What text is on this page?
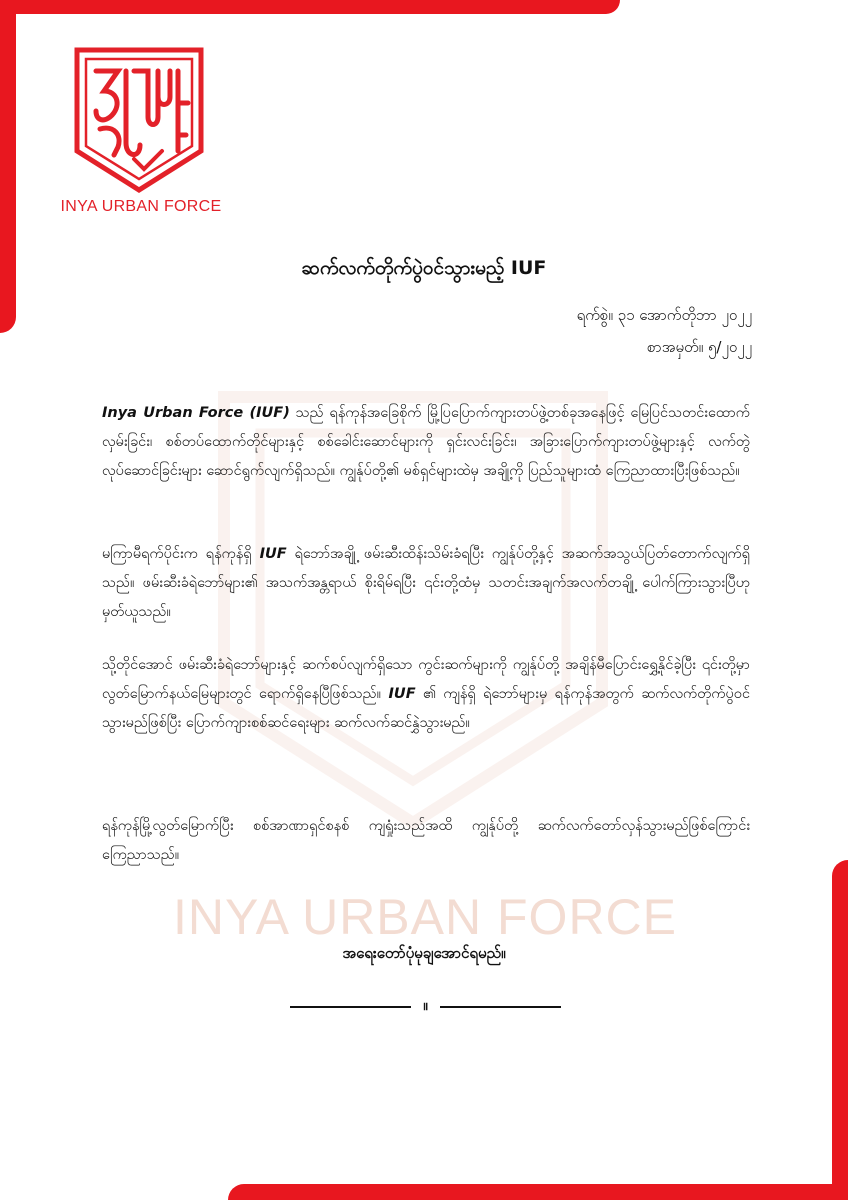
INYA URBAN FORCE
INYA URBAN FORCE
ဆက်လက်တိုက်ပွဲဝင်သွားမည့် IUF
ရက်စွဲ။ ၃၁ အောက်တိုဘာ ၂၀၂၂
စာအမှတ်။ ၅/၂၀၂၂

Inya Urban Force (IUF) သည် ရန်ကုန်အခြေစိုက် မြို့ပြပြောက်ကျားတပ်ဖွဲ့တစ်ခုအနေဖြင့် မြေပြင်သတင်းထောက်လှမ်းခြင်း၊ စစ်တပ်ထောက်တိုင်များနှင့် စစ်ခေါင်းဆောင်များကို ရှင်းလင်းခြင်း၊ အခြားပြောက်ကျားတပ်ဖွဲ့များနှင့် လက်တွဲလုပ်ဆောင်ခြင်းများ ဆောင်ရွက်လျက်ရှိသည်။ ကျွန်ုပ်တို့၏ မစ်ရှင်များထဲမှ အချို့ကို ပြည်သူများထံ ကြေညာထားပြီးဖြစ်သည်။

မကြာမီရက်ပိုင်းက ရန်ကုန်ရှိ IUF ရဲဘော်အချို့ ဖမ်းဆီးထိန်းသိမ်းခံရပြီး ကျွန်ုပ်တို့နှင့် အဆက်အသွယ်ပြတ်တောက်လျက်ရှိသည်။ ဖမ်းဆီးခံရဲဘော်များ၏ အသက်အန္တရာယ် စိုးရိမ်ရပြီး ၎င်းတို့ထံမှ သတင်းအချက်အလက်တချို့ ပေါက်ကြားသွားပြီဟု မှတ်ယူသည်။

သို့တိုင်အောင် ဖမ်းဆီးခံရဲဘော်များနှင့် ဆက်စပ်လျက်ရှိသော ကွင်းဆက်များကို ကျွန်ုပ်တို့ အချိန်မီပြောင်းရွှေ့နိုင်ခဲ့ပြီး ၎င်းတို့မှာ လွတ်မြောက်နယ်မြေများတွင် ရောက်ရှိနေပြီဖြစ်သည်။ IUF ၏ ကျန်ရှိ ရဲဘော်များမှ ရန်ကုန်အတွက် ဆက်လက်တိုက်ပွဲဝင်သွားမည်ဖြစ်ပြီး ပြောက်ကျားစစ်ဆင်ရေးများ ဆက်လက်ဆင်နွှဲသွားမည်။

ရန်ကုန်မြို့လွတ်မြောက်ပြီး စစ်အာဏာရှင်စနစ် ကျရှုံးသည်အထိ ကျွန်ုပ်တို့ ဆက်လက်တော်လှန်သွားမည်ဖြစ်ကြောင်း ကြေညာသည်။

အရေးတော်ပုံမုချအောင်ရမည်။
။
